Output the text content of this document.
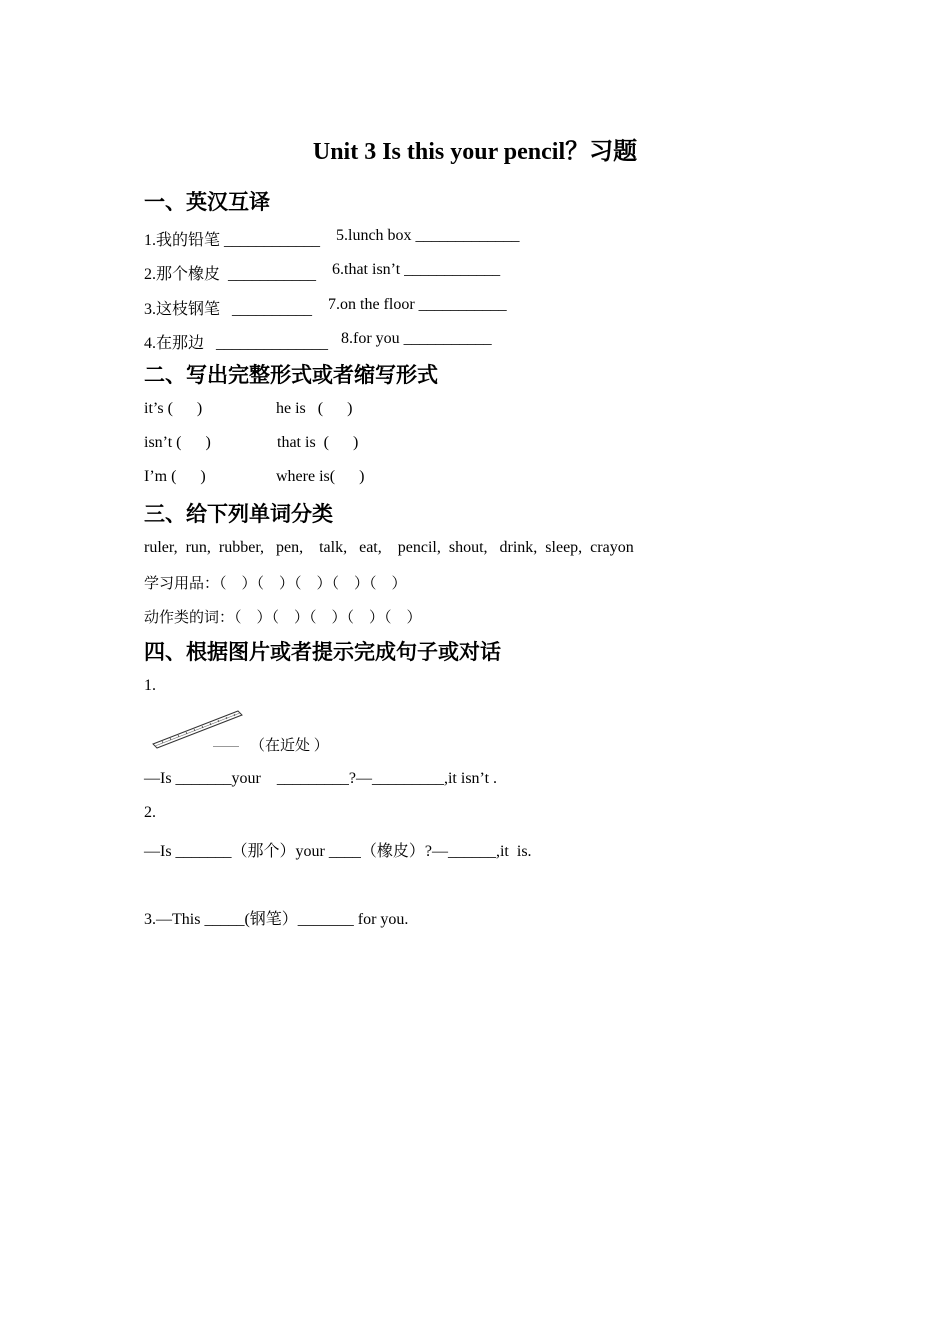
Unit 3 Is this your pencil？习题
一、英汉互译
1.我的铅笔 ____________ 5.lunch box _____________
2.那个橡皮  ___________ 6.that isn’t ____________
3.这枝钢笔   __________ 7.on the floor ___________
4.在那边   ______________ 8.for you ___________
二、写出完整形式或者缩写形式
it’s (      )	he is   (      )
isn’t (      )	that is  (      )
I’m (      )	where is(      )
三、给下列单词分类
ruler,  run,  rubber,   pen,    talk,   eat,    pencil,  shout,   drink,  sleep,  crayon
学习用品：（    ）（    ）（    ）（    ）（    ）
动作类的词：（    ）（    ）（    ）（    ）（    ）
四、根据图片或者提示完成句子或对话
1.
（在近处 ）
—Is _______your    _________?—_________,it isn’t .
2.
—Is _______（那个）your ____（橡皮）?—______,it  is.
3.—This _____(钢笔）_______ for you.
